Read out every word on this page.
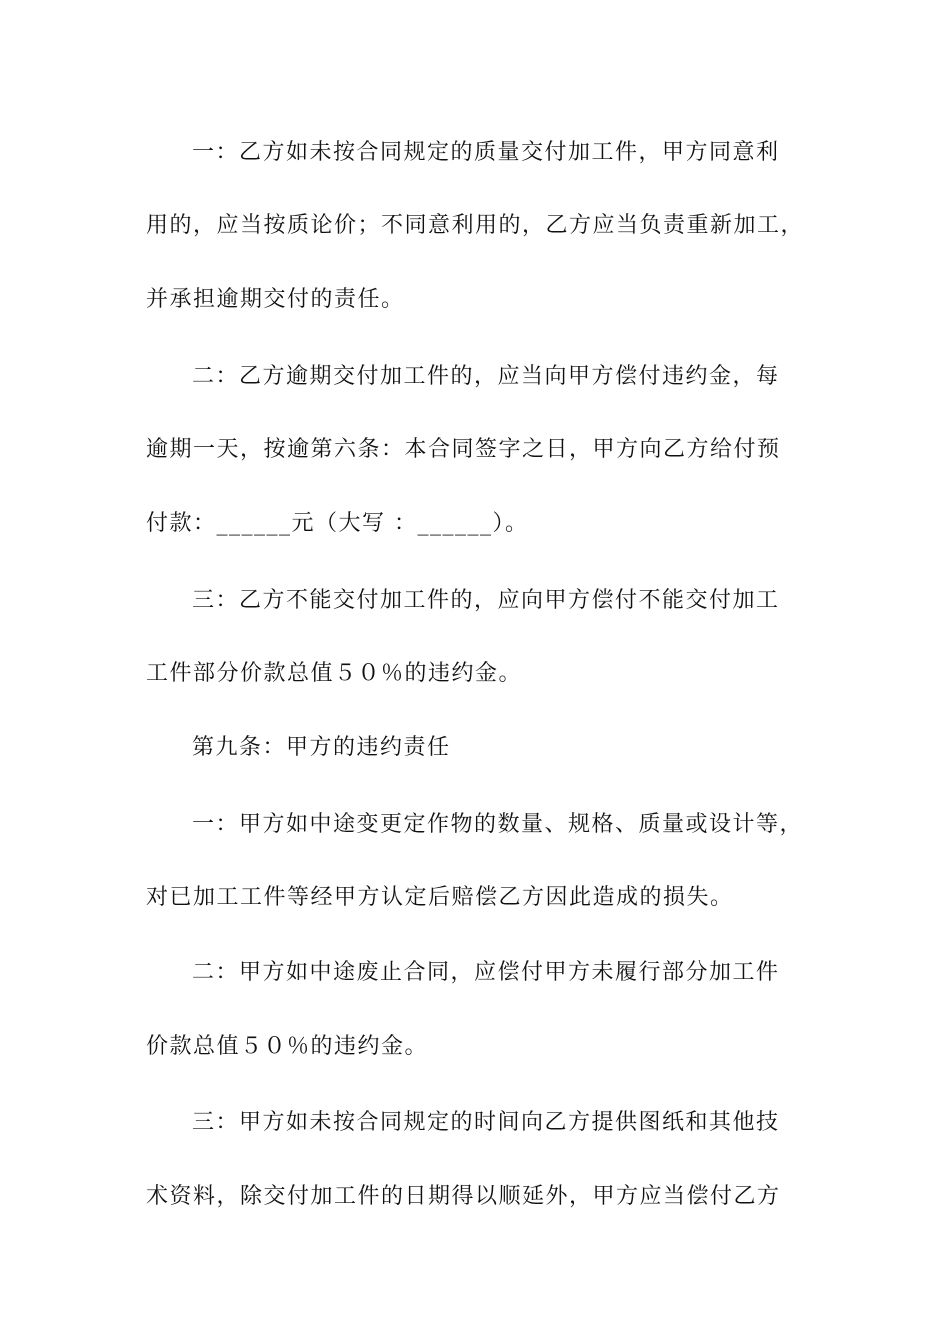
一：乙方如未按合同规定的质量交付加工件，甲方同意利
用的，应当按质论价；不同意利用的，乙方应当负责重新加工，
并承担逾期交付的责任。
二：乙方逾期交付加工件的，应当向甲方偿付违约金，每
逾期一天，按逾第六条：本合同签字之日，甲方向乙方给付预
付款：______元（大写 ：______）。
三：乙方不能交付加工件的，应向甲方偿付不能交付加工
工件部分价款总值５０％的违约金。
第九条：甲方的违约责任
一：甲方如中途变更定作物的数量、规格、质量或设计等，
对已加工工件等经甲方认定后赔偿乙方因此造成的损失。
二：甲方如中途废止合同，应偿付甲方未履行部分加工件
价款总值５０％的违约金。
三：甲方如未按合同规定的时间向乙方提供图纸和其他技
术资料，除交付加工件的日期得以顺延外，甲方应当偿付乙方
